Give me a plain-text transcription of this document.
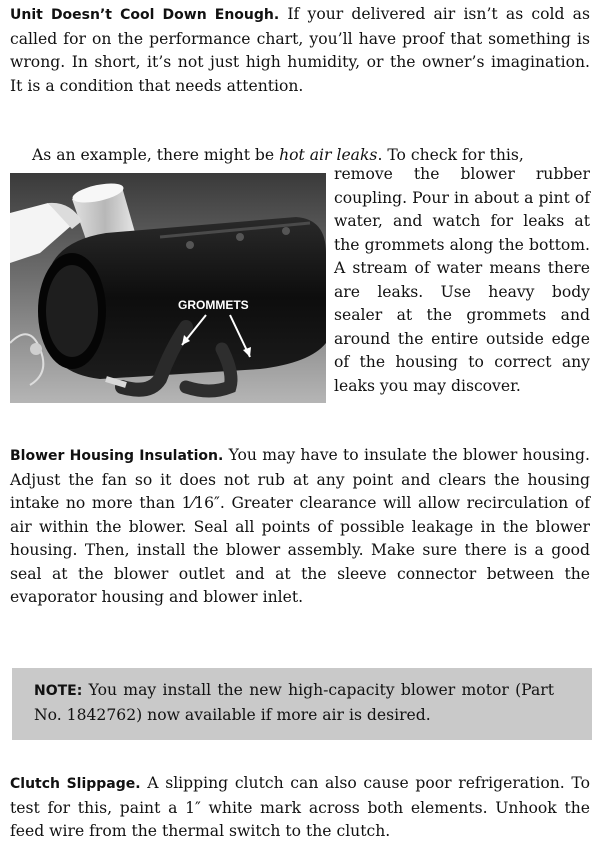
Unit Doesn’t Cool Down Enough. If your delivered air isn’t as cold as called for on the performance chart, you’ll have proof that something is wrong. In short, it’s not just high humidity, or the owner’s imagination. It is a condition that needs attention.

As an example, there might be hot air leaks. To check for this,

GROMMETS

remove the blower rubber coupling. Pour in about a pint of water, and watch for leaks at the grommets along the bottom. A stream of water means there are leaks. Use heavy body sealer at the grommets and around the entire outside edge of the housing to correct any leaks you may discover.

Blower Housing Insulation. You may have to insulate the blower housing. Adjust the fan so it does not rub at any point and clears the housing intake no more than 1⁄16″. Greater clearance will allow recirculation of air within the blower. Seal all points of possible leakage in the blower housing. Then, install the blower assembly. Make sure there is a good seal at the blower outlet and at the sleeve connector between the evaporator housing and blower inlet.

NOTE: You may install the new high-capacity blower motor (Part No. 1842762) now available if more air is desired.

Clutch Slippage. A slipping clutch can also cause poor refrigeration. To test for this, paint a 1″ white mark across both elements. Unhook the feed wire from the thermal switch to the clutch.
